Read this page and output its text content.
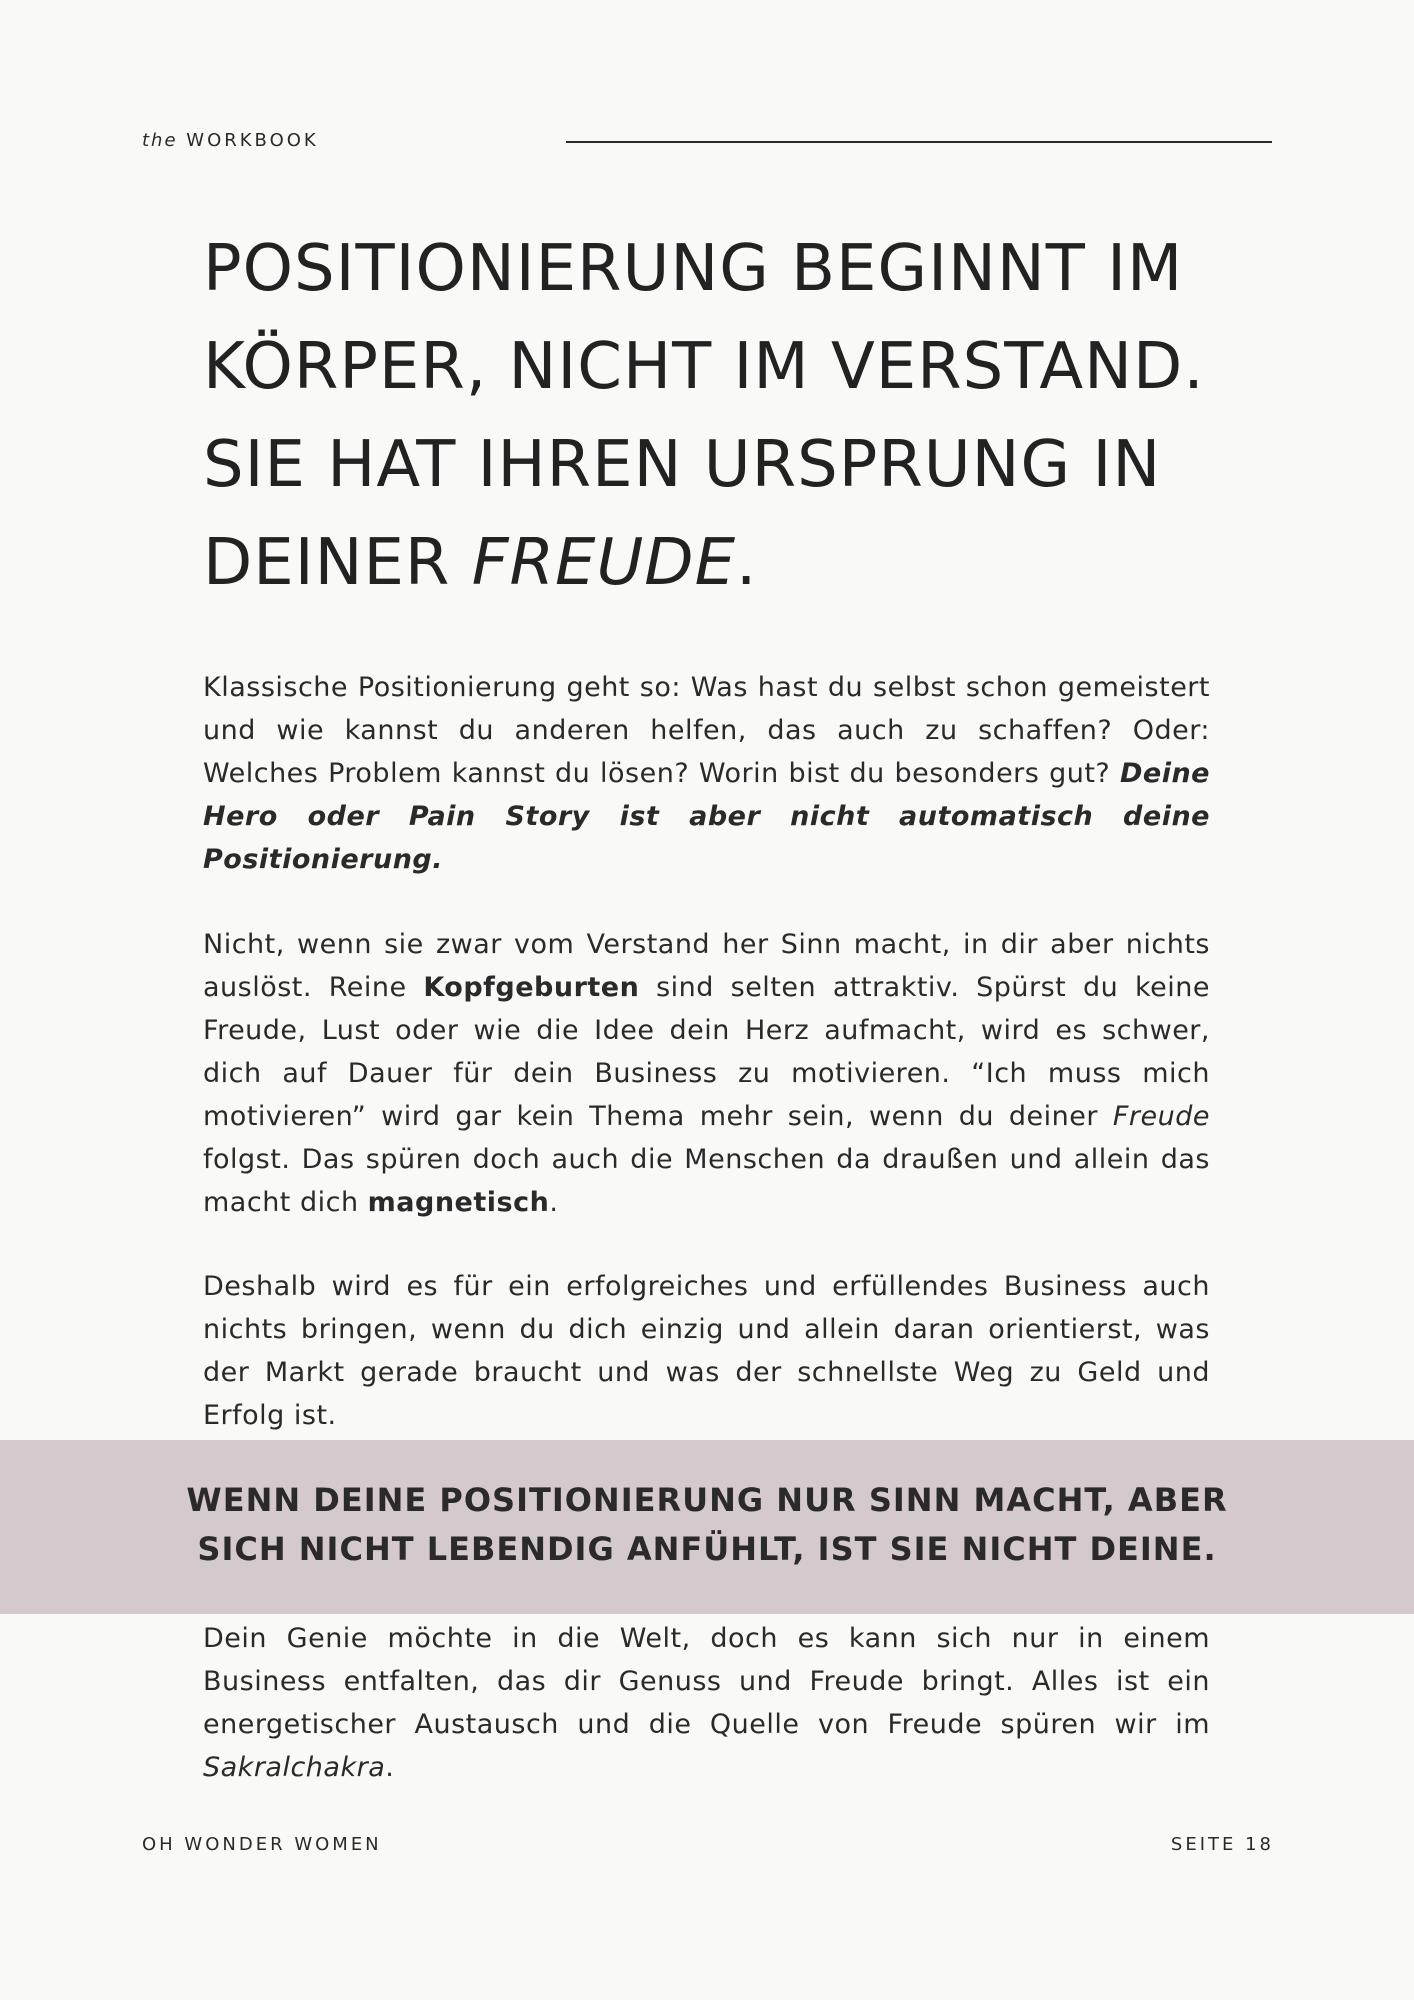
the WORKBOOK
POSITIONIERUNG BEGINNT IM
KÖRPER, NICHT IM VERSTAND.
SIE HAT IHREN URSPRUNG IN
DEINER FREUDE.

Klassische Positionierung geht so: Was hast du selbst schon gemeistert und wie kannst du anderen helfen, das auch zu schaffen? Oder: Welches Problem kannst du lösen? Worin bist du besonders gut? Deine Hero oder Pain Story ist aber nicht automatisch deine Positionierung.

Nicht, wenn sie zwar vom Verstand her Sinn macht, in dir aber nichts auslöst. Reine Kopfgeburten sind selten attraktiv. Spürst du keine Freude, Lust oder wie die Idee dein Herz aufmacht, wird es schwer, dich auf Dauer für dein Business zu motivieren. “Ich muss mich motivieren” wird gar kein Thema mehr sein, wenn du deiner Freude folgst. Das spüren doch auch die Menschen da draußen und allein das macht dich magnetisch.

Deshalb wird es für ein erfolgreiches und erfüllendes Business auch nichts bringen, wenn du dich einzig und allein daran orientierst, was der Markt gerade braucht und was der schnellste Weg zu Geld und Erfolg ist.

WENN DEINE POSITIONIERUNG NUR SINN MACHT, ABER
SICH NICHT LEBENDIG ANFÜHLT, IST SIE NICHT DEINE.

Dein Genie möchte in die Welt, doch es kann sich nur in einem Business entfalten, das dir Genuss und Freude bringt. Alles ist ein energetischer Austausch und die Quelle von Freude spüren wir im Sakralchakra.

OH WONDER WOMEN	SEITE 18
